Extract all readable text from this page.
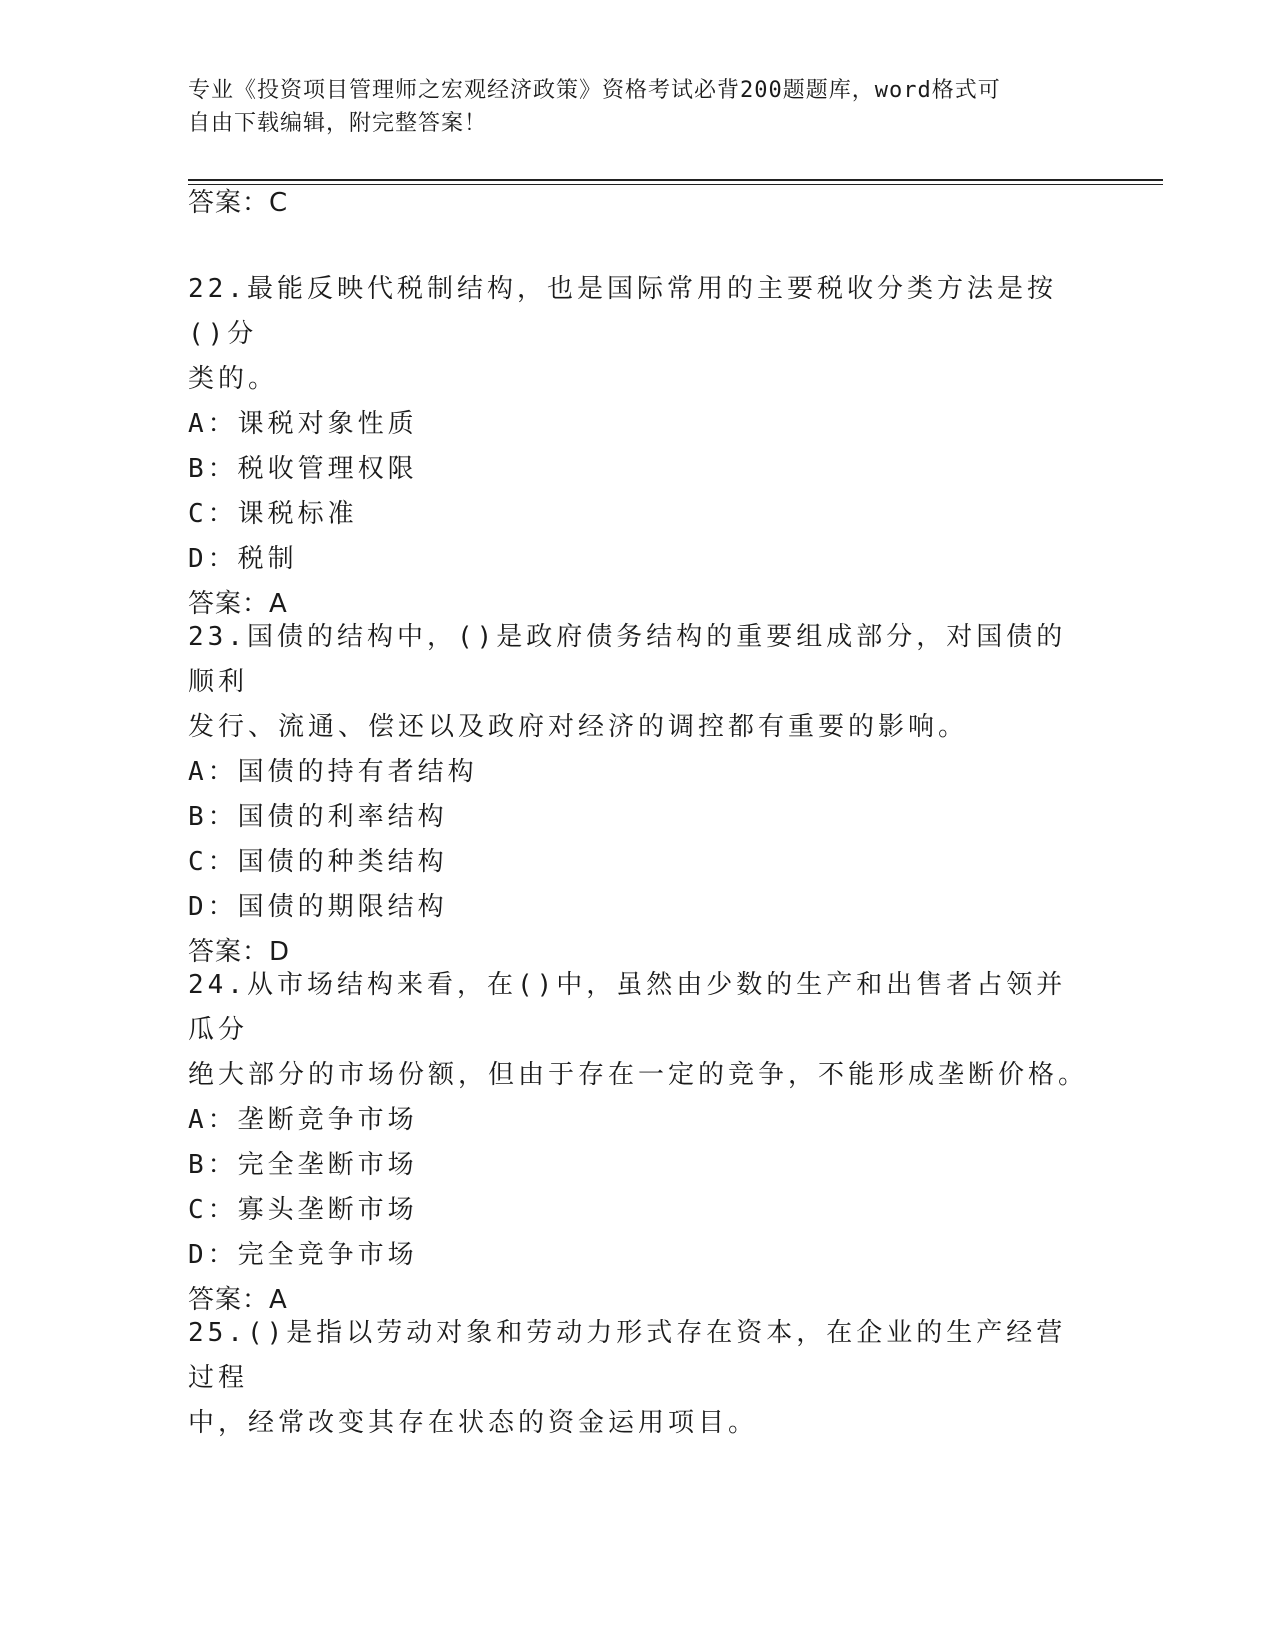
专业《投资项目管理师之宏观经济政策》资格考试必背200题题库，word格式可
自由下载编辑，附完整答案！
答案：C
22.最能反映代税制结构，也是国际常用的主要税收分类方法是按()分
类的。
A：课税对象性质
B：税收管理权限
C：课税标准
D：税制
答案：A
23.国债的结构中，()是政府债务结构的重要组成部分，对国债的顺利
发行、流通、偿还以及政府对经济的调控都有重要的影响。
A：国债的持有者结构
B：国债的利率结构
C：国债的种类结构
D：国债的期限结构
答案：D
24.从市场结构来看，在()中，虽然由少数的生产和出售者占领并瓜分
绝大部分的市场份额，但由于存在一定的竞争，不能形成垄断价格。
A：垄断竞争市场
B：完全垄断市场
C：寡头垄断市场
D：完全竞争市场
答案：A
25.()是指以劳动对象和劳动力形式存在资本，在企业的生产经营过程
中，经常改变其存在状态的资金运用项目。
